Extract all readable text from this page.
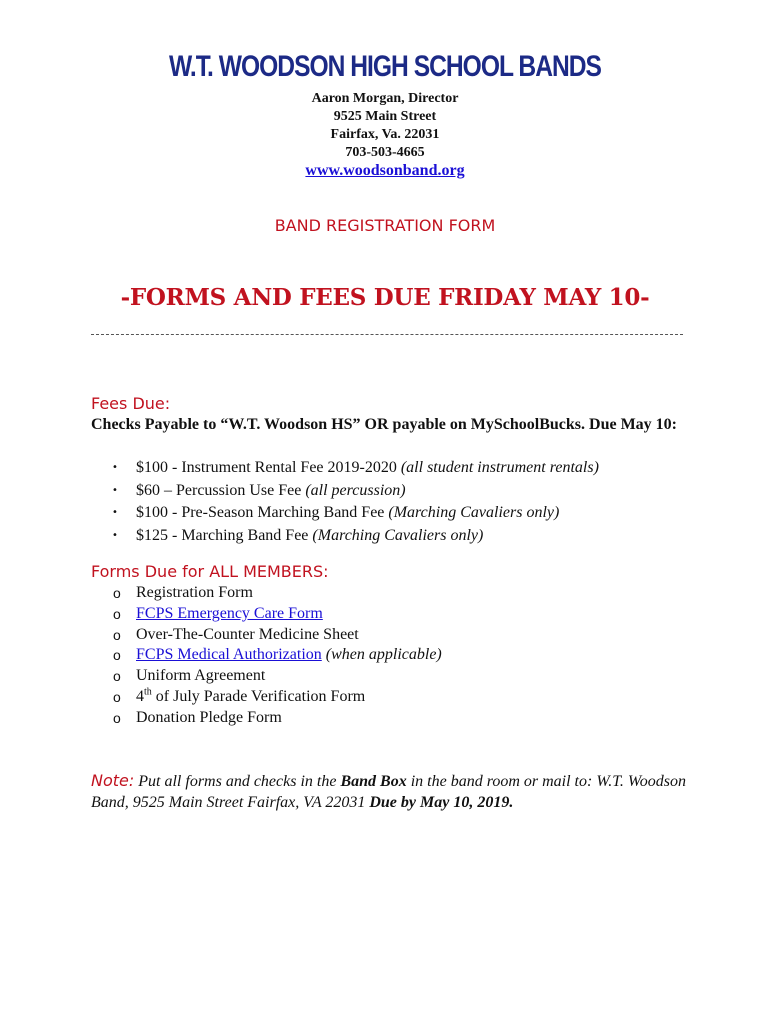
W.T. WOODSON HIGH SCHOOL BANDS
Aaron Morgan, Director
9525 Main Street
Fairfax, Va. 22031
703-503-4665
www.woodsonband.org
BAND REGISTRATION FORM
-FORMS AND FEES DUE FRIDAY MAY 10-
Fees Due:
Checks Payable to “W.T. Woodson HS” OR payable on MySchoolBucks. Due May 10:
• $100 - Instrument Rental Fee 2019-2020 (all student instrument rentals)
• $60 – Percussion Use Fee (all percussion)
• $100 - Pre-Season Marching Band Fee (Marching Cavaliers only)
• $125 - Marching Band Fee (Marching Cavaliers only)
Forms Due for ALL MEMBERS:
o Registration Form
o FCPS Emergency Care Form
o Over-The-Counter Medicine Sheet
o FCPS Medical Authorization (when applicable)
o Uniform Agreement
o 4th of July Parade Verification Form
o Donation Pledge Form
Note: Put all forms and checks in the Band Box in the band room or mail to: W.T. Woodson Band, 9525 Main Street Fairfax, VA 22031 Due by May 10, 2019.
